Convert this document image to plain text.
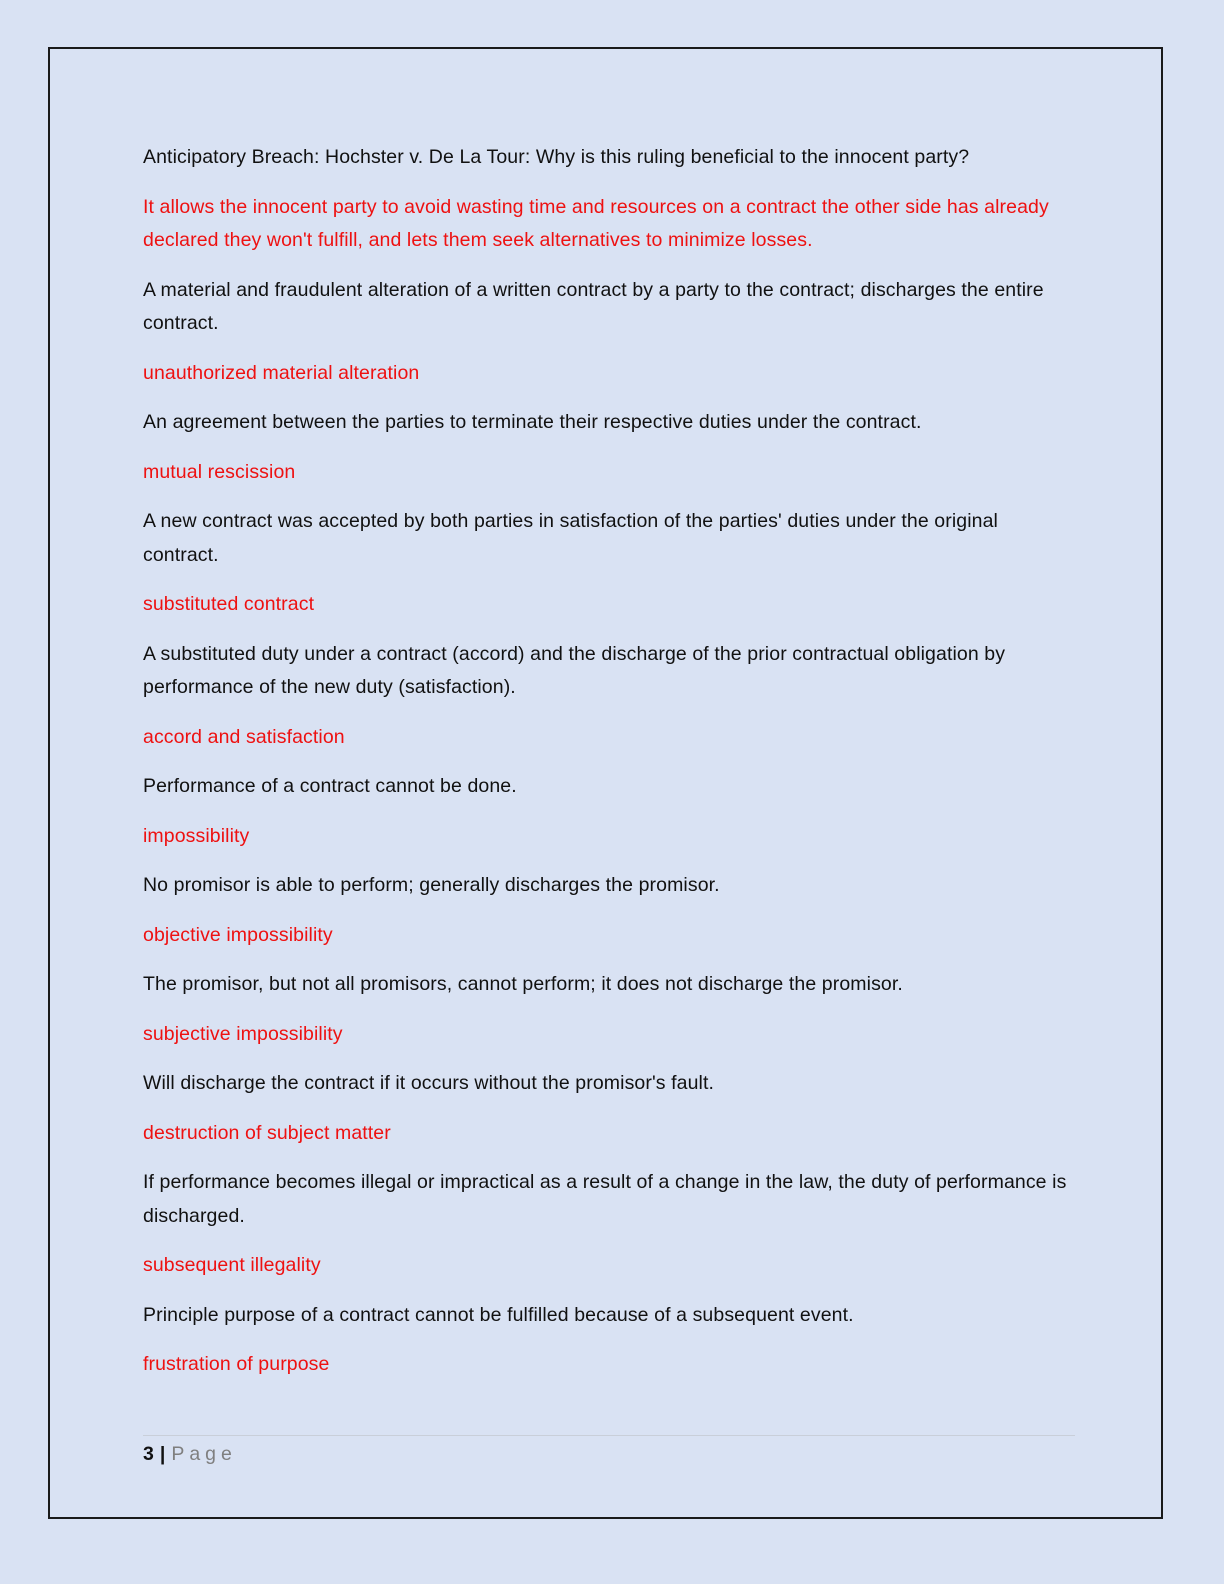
Anticipatory Breach: Hochster v. De La Tour: Why is this ruling beneficial to the innocent party?

It allows the innocent party to avoid wasting time and resources on a contract the other side has already declared they won't fulfill, and lets them seek alternatives to minimize losses.

A material and fraudulent alteration of a written contract by a party to the contract; discharges the entire contract.

unauthorized material alteration

An agreement between the parties to terminate their respective duties under the contract.

mutual rescission

A new contract was accepted by both parties in satisfaction of the parties' duties under the original contract.

substituted contract

A substituted duty under a contract (accord) and the discharge of the prior contractual obligation by performance of the new duty (satisfaction).

accord and satisfaction

Performance of a contract cannot be done.

impossibility

No promisor is able to perform; generally discharges the promisor.

objective impossibility

The promisor, but not all promisors, cannot perform; it does not discharge the promisor.

subjective impossibility

Will discharge the contract if it occurs without the promisor's fault.

destruction of subject matter

If performance becomes illegal or impractical as a result of a change in the law, the duty of performance is discharged.

subsequent illegality

Principle purpose of a contract cannot be fulfilled because of a subsequent event.

frustration of purpose

3 | Page
